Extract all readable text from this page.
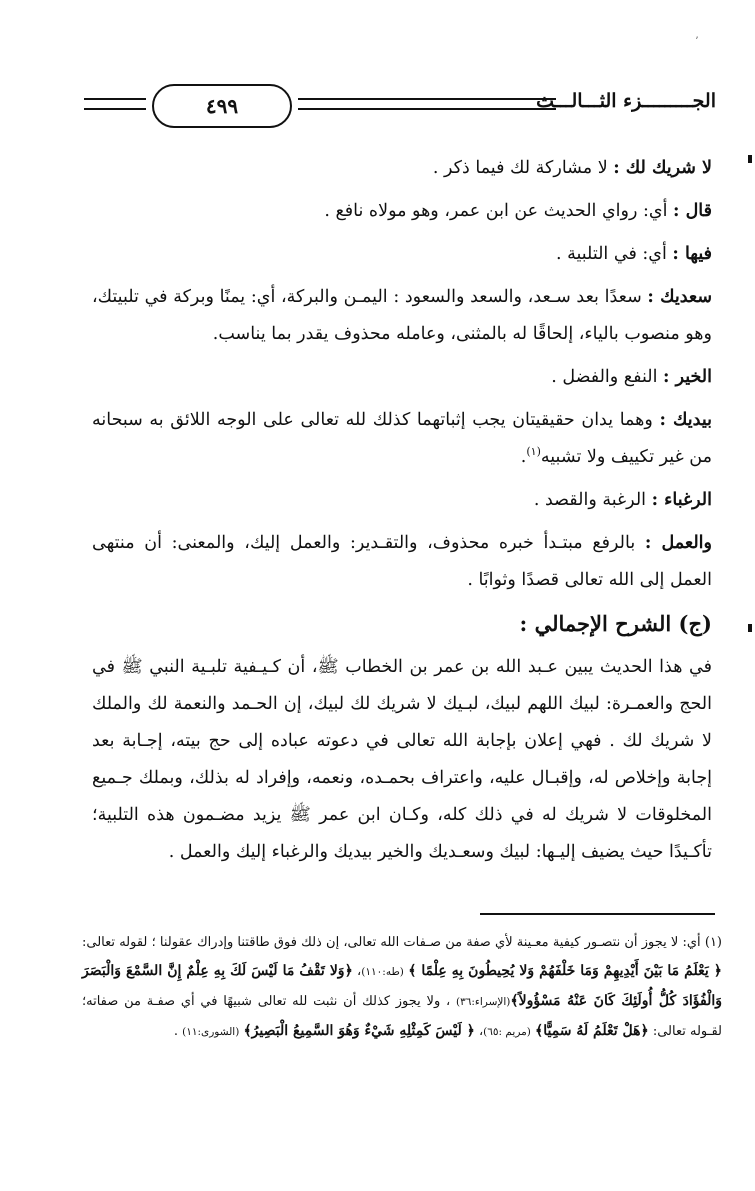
ʼ
الجـــــــــزء الثـــالـــث
٤٩٩

لا شريك لك : لا مشاركة لك فيما ذكر .

قال : أي: رواي الحديث عن ابن عمر، وهو مولاه نافع .

فيها : أي: في التلبية .

سعديك : سعدًا بعد سـعد، والسعد والسعود : اليمـن والبركة، أي: يمنًا وبركة في تلبيتك، وهو منصوب بالياء، إلحاقًا له بالمثنى، وعامله محذوف يقدر بما يناسب.

الخير : النفع والفضل .

بيديك : وهما يدان حقيقيتان يجب إثباتهما كذلك لله تعالى على الوجه اللائق به سبحانه من غير تكييف ولا تشبيه$^{(١)}$.

الرغباء : الرغبة والقصد .

والعمل : بالرفع مبتـدأ خبره محذوف، والتقـدير: والعمل إليك، والمعنى: أن منتهى العمل إلى الله تعالى قصدًا وثوابًا .

(ج) الشرح الإجمالي :

في هذا الحديث يبين عـبد الله بن عمر بن الخطاب ﷺ، أن كـيـفية تلبـية النبي ﷺ في الحج والعمـرة: لبيك اللهم لبيك، لبـيك لا شريك لك لبيك، إن الحـمد والنعمة لك والملك لا شريك لك . فهي إعلان بإجابة الله تعالى في دعوته عباده إلى حج بيته، إجـابة بعد إجابة وإخلاص له، وإقبـال عليه، واعتراف بحمـده، ونعمه، وإفراد له بذلك، وبملك جـميع المخلوقات لا شريك له في ذلك كله، وكـان ابن عمر ﷺ يزيد مضـمون هذه التلبية؛ تأكـيدًا حيث يضيف إليـها: لبيك وسعـديك والخير بيديك والرغباء إليك والعمل .

(١) أي: لا يجوز أن نتصـور كيفية معـينة لأي صفة من صـفات الله تعالى، إن ذلك فوق طاقتنا وإدراك عقولنا ؛ لقوله تعالى: ﴿ يَعْلَمُ مَا بَيْنَ أَيْدِيهِمْ وَمَا خَلْفَهُمْ وَلا يُحِيطُونَ بِهِ عِلْمًا ﴾ (طه:١١٠)، ﴿وَلا تَقْفُ مَا لَيْسَ لَكَ بِهِ عِلْمٌ إِنَّ السَّمْعَ وَالْبَصَرَ وَالْفُؤَادَ كُلُّ أُولَئِكَ كَانَ عَنْهُ مَسْؤُولاً﴾(الإسراء:٣٦) ، ولا يجوز كذلك أن نثبت لله تعالى شبيهًا في أي صفـة من صفاته؛ لقـوله تعالى: ﴿هَلْ تَعْلَمُ لَهُ سَمِيًّا﴾ (مريم :٦٥)، ﴿ لَيْسَ كَمِثْلِهِ شَيْءٌ وَهُوَ السَّمِيعُ الْبَصِيرُ﴾ (الشورى:١١) .
